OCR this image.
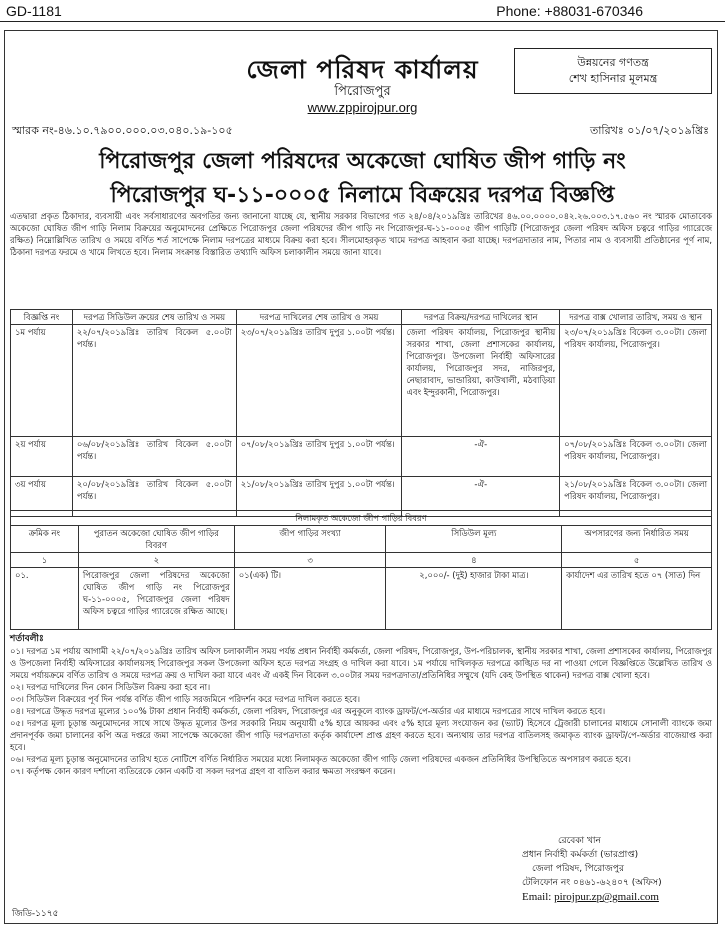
GD-1181	Phone: +88031-670346
জেলা পরিষদ কার্যালয়
পিরোজপুর
www.zppirojpur.org
উন্নয়নের গণতন্ত্র
শেখ হাসিনার মূলমন্ত্র
স্মারক নং-৪৬.১০.৭৯০০.০০০.০৩.০৪০.১৯-১০৫	তারিখঃ ০১/০৭/২০১৯খ্রিঃ
পিরোজপুর জেলা পরিষদের অকেজো ঘোষিত জীপ গাড়ি নং
পিরোজপুর ঘ-১১-০০০৫ নিলামে বিক্রয়ের দরপত্র বিজ্ঞপ্তি

এতদ্বারা প্রকৃত ঠিকাদার, ব্যবসায়ী এবং সর্বসাধারণের অবগতির জন্য জানানো যাচ্ছে যে, স্থানীয় সরকার বিভাগের গত ২৪/০৪/২০১৯খ্রিঃ তারিখের ৪৬.০০.০০০০.০৪২.২৬.০০৩.১৭.৫৬০ নং স্মারক মোতাবেক অকেজো ঘোষিত জীপ গাড়ি নিলাম বিক্রয়ের অনুমোদনের প্রেক্ষিতে পিরোজপুর জেলা পরিষদের জীপ গাড়ি নং পিরোজপুর-ঘ-১১-০০০৫ জীপ গাড়িটি (পিরোজপুর জেলা পরিষদ অফিস চত্বরে গাড়ির গ্যারেজে রক্ষিত) নিম্নোল্লিখিত তারিখ ও সময়ে বর্ণিত শর্ত সাপেক্ষে নিলাম দরপত্রের মাধ্যমে বিক্রয় করা হবে। সীলমোহরকৃত খামে দরপত্র আহবান করা যাচ্ছে। দরপত্রদাতার নাম, পিতার নাম ও ব্যবসায়ী প্রতিষ্ঠানের পূর্ণ নাম, ঠিকানা দরপত্র ফরমে ও খামে লিখতে হবে। নিলাম সংক্রান্ত বিস্তারিত তথ্যাদি অফিস চলাকালীন সময়ে জানা যাবে।

বিজ্ঞপ্তি নং	দরপত্র সিডিউল ক্রয়ের শেষ তারিখ ও সময়	দরপত্র দাখিলের শেষ তারিখ ও সময়	দরপত্র বিক্রয়/দরপত্র দাখিলের স্থান	দরপত্র বাক্স খোলার তারিখ, সময় ও স্থান
১ম পর্যায়	২২/০৭/২০১৯খ্রিঃ তারিখ বিকেল ৫.০০টা পর্যন্ত।	২৩/০৭/২০১৯খ্রিঃ তারিখ দুপুর ১.০০টা পর্যন্ত।	জেলা পরিষদ কার্যালয়, পিরোজপুর স্থানীয় সরকার শাখা, জেলা প্রশাসকের কার্যালয়, পিরোজপুর। উপজেলা নির্বাহী অফিসারের কার্যালয়, পিরোজপুর সদর, নাজিরপুর, নেছারাবাদ, ভান্ডারিয়া, কাউখালী, মঠবাড়িয়া এবং ইন্দুরকানী, পিরোজপুর।	২৩/০৭/২০১৯খ্রিঃ বিকেল ৩.০০টা। জেলা পরিষদ কার্যালয়, পিরোজপুর।
২য় পর্যায়	০৬/০৮/২০১৯খ্রিঃ তারিখ বিকেল ৫.০০টা পর্যন্ত।	০৭/০৮/২০১৯খ্রিঃ তারিখ দুপুর ১.০০টা পর্যন্ত।	-ঐ-	০৭/০৮/২০১৯খ্রিঃ বিকেল ৩.০০টা। জেলা পরিষদ কার্যালয়, পিরোজপুর।
৩য় পর্যায়	২০/০৮/২০১৯খ্রিঃ তারিখ বিকেল ৫.০০টা পর্যন্ত।	২১/০৮/২০১৯খ্রিঃ তারিখ দুপুর ১.০০টা পর্যন্ত।	-ঐ-	২১/০৮/২০১৯খ্রিঃ বিকেল ৩.০০টা। জেলা পরিষদ কার্যালয়, পিরোজপুর।
নিলামকৃত অকেজো জীপ গাড়ির বিবরণ				
ক্রমিক নং	পুরাতন অকেজো ঘোষিত জীপ গাড়ির বিবরণ	জীপ গাড়ির সংখ্যা	সিডিউল মূল্য	অপসারণের জন্য নির্ধারিত সময়
১	২	৩	৪	৫
০১.	পিরোজপুর জেলা পরিষদের অকেজো ঘোষিত জীপ গাড়ি নং পিরোজপুর ঘ-১১-০০০৫, পিরোজপুর জেলা পরিষদ অফিস চত্বরে গাড়ির গ্যারেজে রক্ষিত আছে।	০১(এক) টি।	২,০০০/- (দুই) হাজার টাকা মাত্র।	কার্যাদেশ এর তারিখ হতে ০৭ (সাত) দিন
শর্তাবলীঃ

০১। দরপত্র ১ম পর্যায় আগামী ২২/০৭/২০১৯খ্রিঃ তারিখ অফিস চলাকালীন সময় পর্যন্ত প্রধান নির্বাহী কর্মকর্তা, জেলা পরিষদ, পিরোজপুর, উপ-পরিচালক, স্থানীয় সরকার শাখা, জেলা প্রশাসকের কার্যালয়, পিরোজপুর ও উপজেলা নির্বাহী অফিসারের কার্যালয়সহ পিরোজপুর সকল উপজেলা অফিস হতে দরপত্র সংগ্রহ ও দাখিল করা যাবে। ১ম পর্যায়ে দাখিলকৃত দরপত্রে কাঙ্খিত দর না পাওয়া গেলে বিজ্ঞপ্তিতে উল্লেখিত তারিখ ও সময়ে পর্যায়ক্রমে বর্ণিত তারিখ ও সময়ে দরপত্র ক্রয় ও দাখিল করা যাবে এবং ঐ একই দিন বিকেল ৩.০০টার সময় দরপত্রদাতা/প্রতিনিধির সম্মুখে (যদি কেহ উপস্থিত থাকেন) দরপত্র বাক্স খোলা হবে।

০২। দরপত্র দাখিলের দিন কোন সিডিউল বিক্রয় করা হবে না।

০৩। সিডিউল বিক্রয়ের পূর্ব দিন পর্যন্ত বর্ণিত জীপ গাড়ি সরজমিনে পরিদর্শন করে দরপত্র দাখিল করতে হবে।

০৪। দরপত্রে উদ্ধৃত দরপত্র মূল্যের ১০০% টাকা প্রধান নির্বাহী কর্মকর্তা, জেলা পরিষদ, পিরোজপুর এর অনুকূলে ব্যাংক ড্রাফট/পে-অর্ডার এর মাধ্যমে দরপত্রের সাথে দাখিল করতে হবে।

০৫। দরপত্র মূল্য চূড়ান্ত অনুমোদনের সাথে সাথে উদ্ধৃত মূল্যের উপর সরকারি নিয়ম অনুযায়ী ৫% হারে আয়কর এবং ৫% হারে মূল্য সংযোজন কর (ভ্যাট) হিসেবে ট্রেজারী চালানের মাধ্যমে সোনালী ব্যাংকে জমা প্রদানপূর্বক জমা চালানের কপি অত্র দপ্তরে জমা সাপেক্ষে অকেজো জীপ গাড়ি দরপত্রদাতা কর্তৃক কার্যাদেশ প্রাপ্ত গ্রহণ করতে হবে। অন্যথায় তার দরপত্র বাতিলসহ জমাকৃত ব্যাংক ড্রাফট/পে-অর্ডার বাজেয়াপ্ত করা হবে।

০৬। দরপত্র মূল্য চূড়ান্ত অনুমোদনের তারিখ হতে নোটিশে বর্ণিত নির্ধারিত সময়ের মধ্যে নিলামকৃত অকেজো জীপ গাড়ি জেলা পরিষদের একজন প্রতিনিধির উপস্থিতিতে অপসারণ করতে হবে।

০৭। কর্তৃপক্ষ কোন কারণ দর্শানো ব্যতিরেকে কোন একটি বা সকল দরপত্র গ্রহণ বা বাতিল করার ক্ষমতা সংরক্ষণ করেন।

রেবেকা খান
প্রধান নির্বাহী কর্মকর্তা (ভারপ্রাপ্ত)
জেলা পরিষদ, পিরোজপুর
টেলিফোন নং ০৪৬১-৬২৪০৭ (অফিস)
Email: pirojpur.zp@gmail.com
জিডি-১১৭৫
